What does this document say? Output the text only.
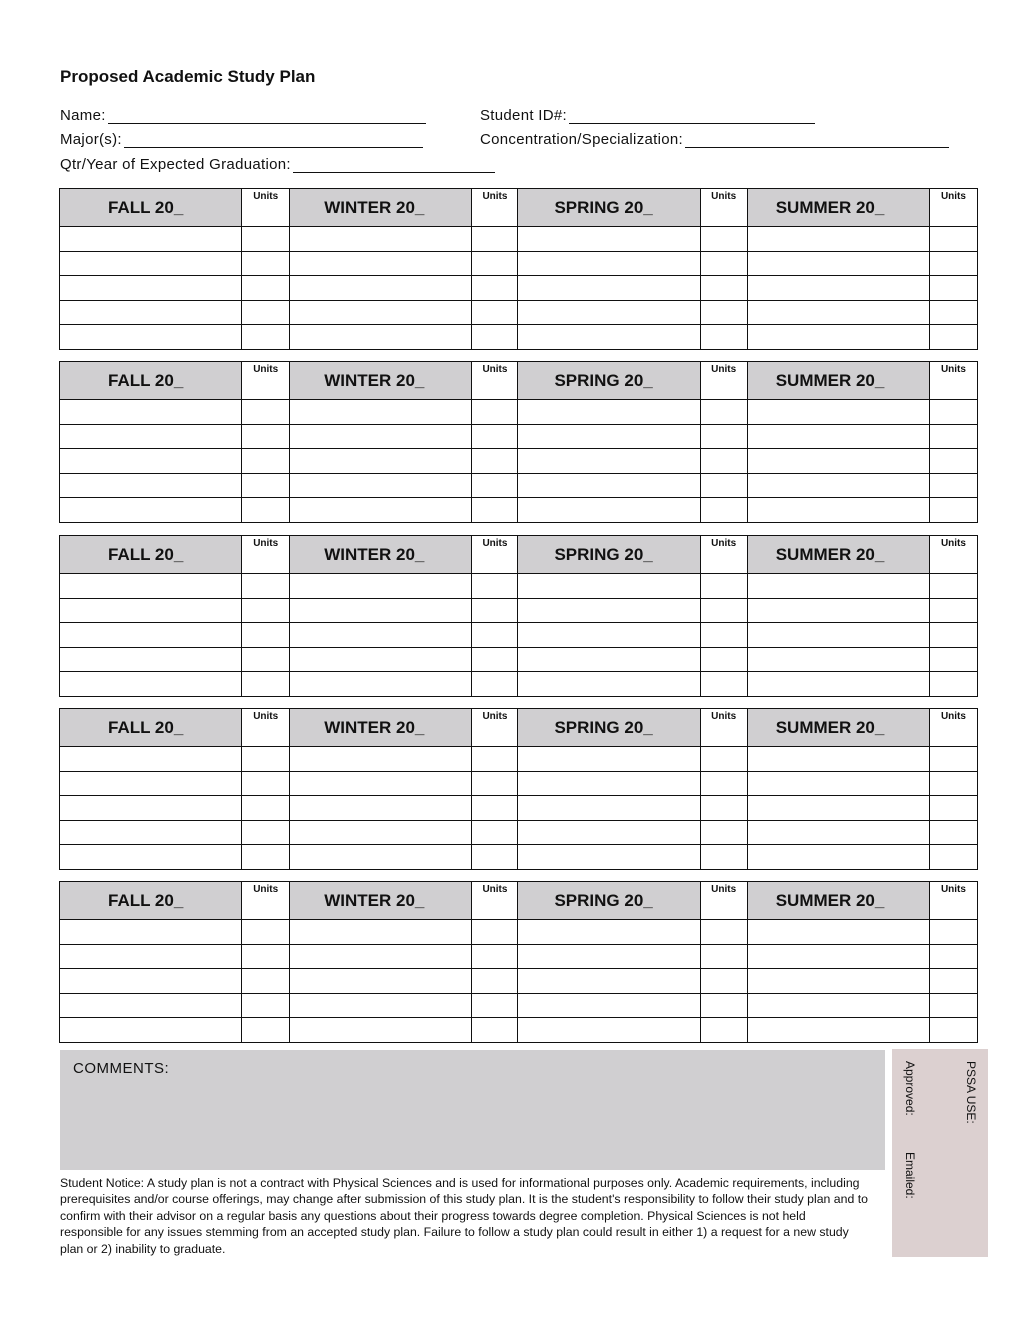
Proposed Academic Study Plan
Name:	Student ID#:
Major(s):	Concentration/Specialization:
Qtr/Year of Expected Graduation:
FALL 20_	Units	WINTER 20_	Units	SPRING 20_	Units	SUMMER 20_	Units

FALL 20_	Units	WINTER 20_	Units	SPRING 20_	Units	SUMMER 20_	Units

FALL 20_	Units	WINTER 20_	Units	SPRING 20_	Units	SUMMER 20_	Units

FALL 20_	Units	WINTER 20_	Units	SPRING 20_	Units	SUMMER 20_	Units

FALL 20_	Units	WINTER 20_	Units	SPRING 20_	Units	SUMMER 20_	Units

COMMENTS:	PSSA USE:
Approved:
Emailed:
Student Notice: A study plan is not a contract with Physical Sciences and is used for informational purposes only. Academic requirements, including prerequisites and/or course offerings, may change after submission of this study plan. It is the student's responsibility to follow their study plan and to confirm with their advisor on a regular basis any questions about their progress towards degree completion. Physical Sciences is not held responsible for any issues stemming from an accepted study plan. Failure to follow a study plan could result in either 1) a request for a new study plan or 2) inability to graduate.
